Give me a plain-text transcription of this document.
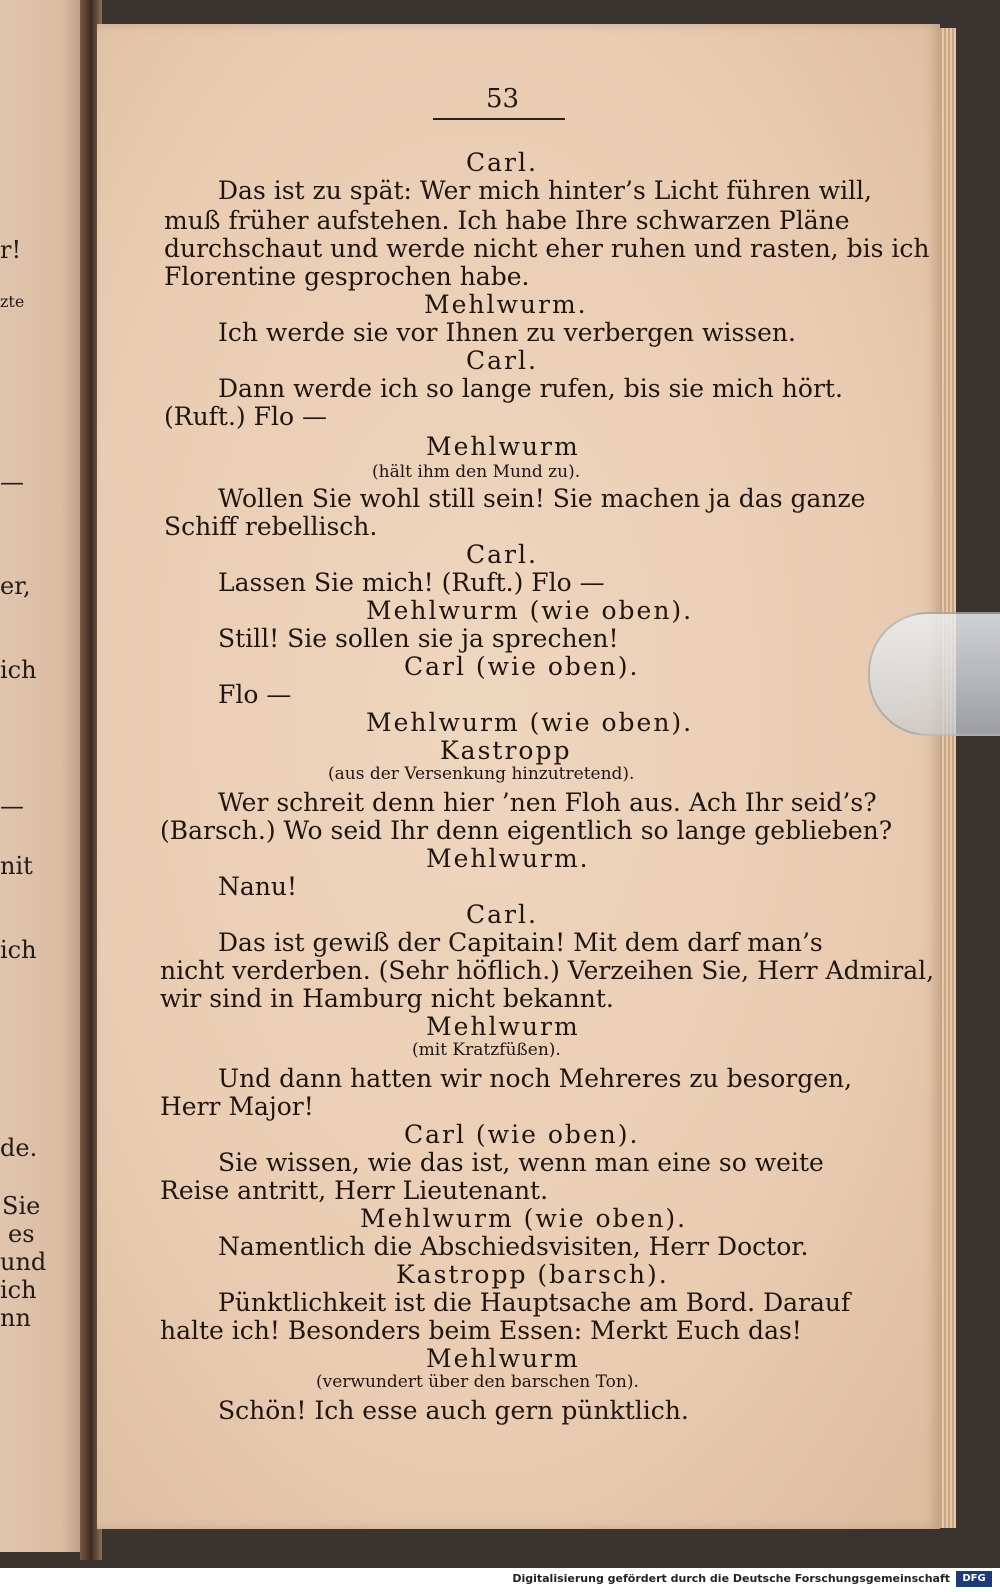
r!
zte
—
er,
ich
—
nit
ich
de.
Sie
es
und
ich
nn
53
Carl.
Das ist zu spät: Wer mich hinter’s Licht führen will,
muß früher aufstehen. Ich habe Ihre schwarzen Pläne
durchschaut und werde nicht eher ruhen und rasten, bis ich
Florentine gesprochen habe.
Mehlwurm.
Ich werde sie vor Ihnen zu verbergen wissen.
Carl.
Dann werde ich so lange rufen, bis sie mich hört.
(Ruft.) Flo —
Mehlwurm
(hält ihm den Mund zu).
Wollen Sie wohl still sein! Sie machen ja das ganze
Schiff rebellisch.
Carl.
Lassen Sie mich! (Ruft.) Flo —
Mehlwurm (wie oben).
Still! Sie sollen sie ja sprechen!
Carl (wie oben).
Flo —
Mehlwurm (wie oben).
Kastropp
(aus der Versenkung hinzutretend).
Wer schreit denn hier ’nen Floh aus. Ach Ihr seid’s?
(Barsch.) Wo seid Ihr denn eigentlich so lange geblieben?
Mehlwurm.
Nanu!
Carl.
Das ist gewiß der Capitain! Mit dem darf man’s
nicht verderben. (Sehr höflich.) Verzeihen Sie, Herr Admiral,
wir sind in Hamburg nicht bekannt.
Mehlwurm
(mit Kratzfüßen).
Und dann hatten wir noch Mehreres zu besorgen,
Herr Major!
Carl (wie oben).
Sie wissen, wie das ist, wenn man eine so weite
Reise antritt, Herr Lieutenant.
Mehlwurm (wie oben).
Namentlich die Abschiedsvisiten, Herr Doctor.
Kastropp (barsch).
Pünktlichkeit ist die Hauptsache am Bord. Darauf
halte ich! Besonders beim Essen: Merkt Euch das!
Mehlwurm
(verwundert über den barschen Ton).
Schön! Ich esse auch gern pünktlich.
Digitalisierung gefördert durch die Deutsche Forschungsgemeinschaft	DFG
